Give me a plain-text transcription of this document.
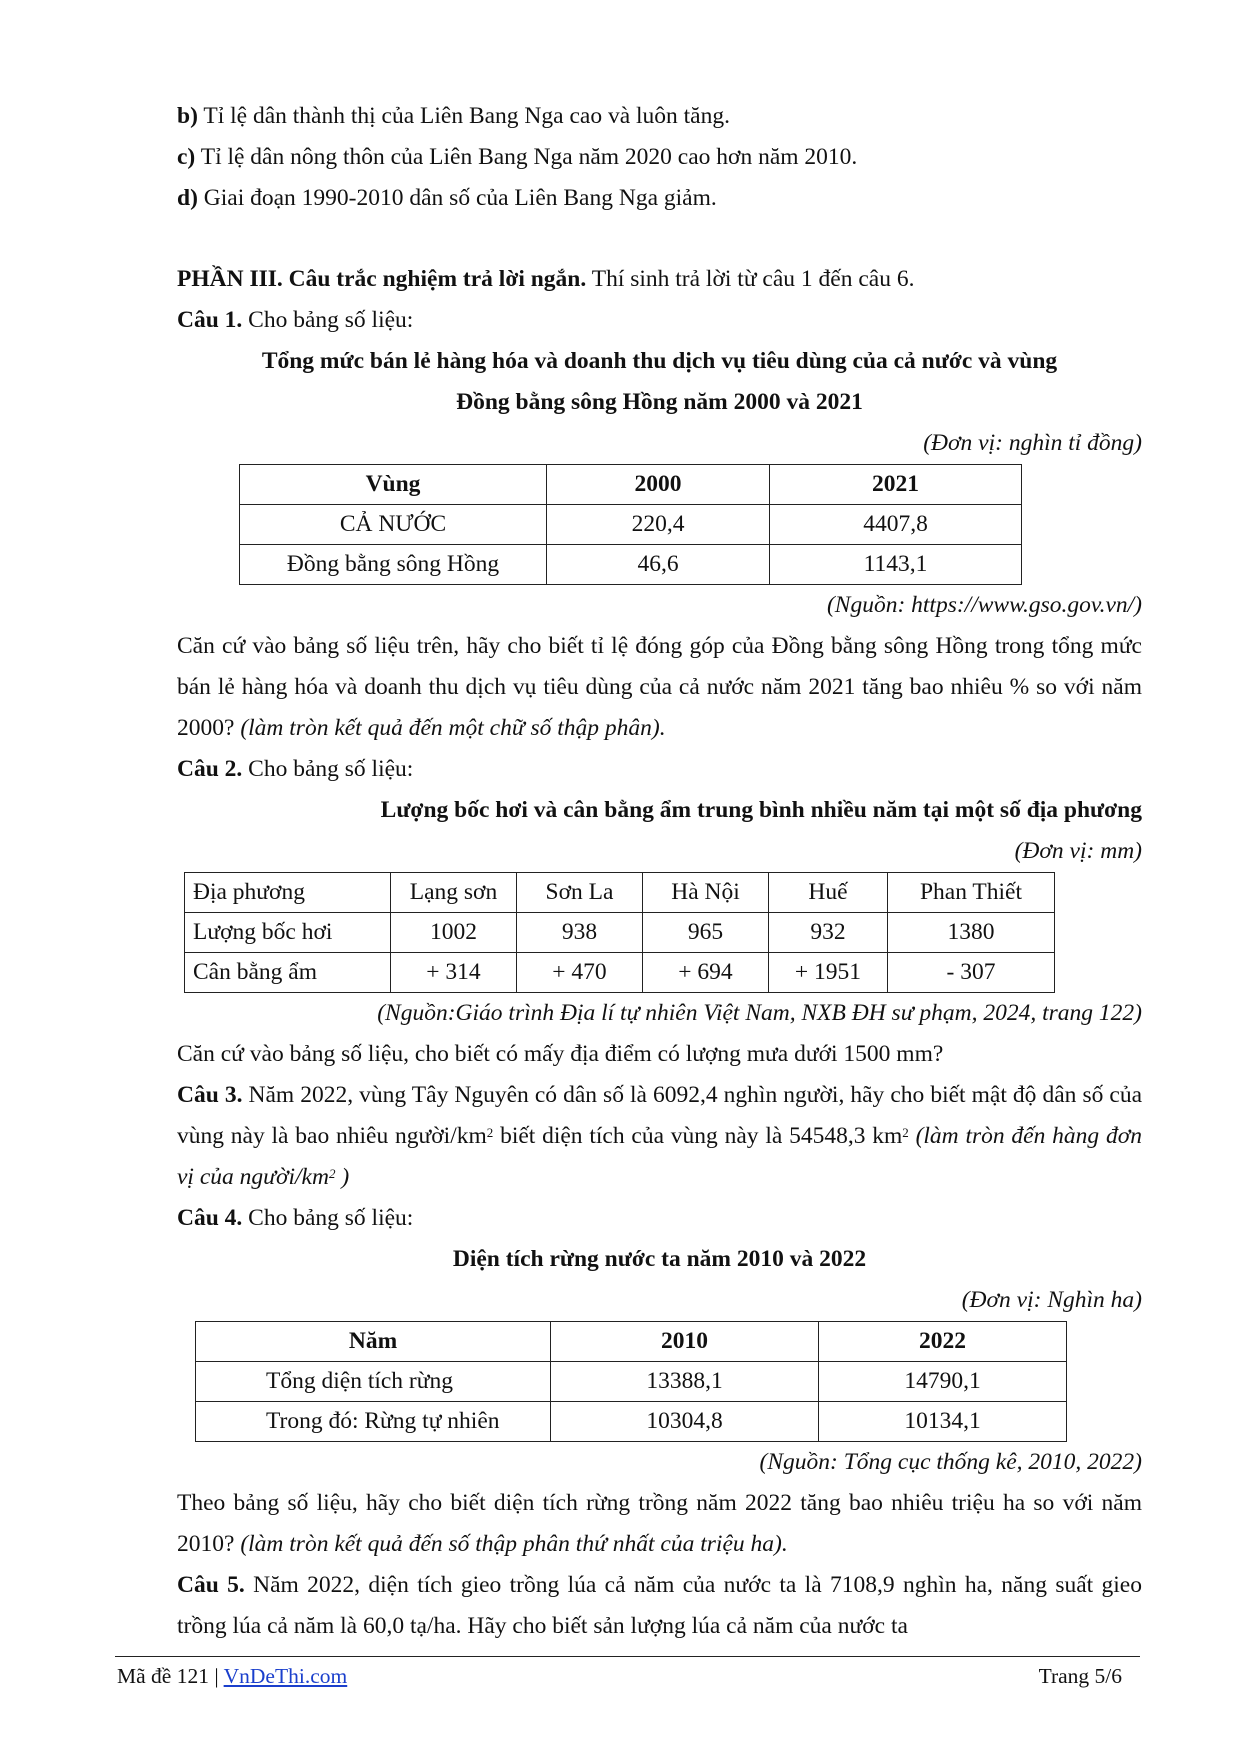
b) Tỉ lệ dân thành thị của Liên Bang Nga cao và luôn tăng.

c) Tỉ lệ dân nông thôn của Liên Bang Nga năm 2020 cao hơn năm 2010.

d) Giai đoạn 1990-2010 dân số của Liên Bang Nga giảm.

PHẦN III. Câu trắc nghiệm trả lời ngắn. Thí sinh trả lời từ câu 1 đến câu 6.

Câu 1. Cho bảng số liệu:

Tổng mức bán lẻ hàng hóa và doanh thu dịch vụ tiêu dùng của cả nước và vùng

Đồng bằng sông Hồng năm 2000 và 2021

(Đơn vị: nghìn tỉ đồng)

Vùng	2000	2021
CẢ NƯỚC	220,4	4407,8
Đồng bằng sông Hồng	46,6	1143,1

(Nguồn: https://www.gso.gov.vn/)

Căn cứ vào bảng số liệu trên, hãy cho biết tỉ lệ đóng góp của Đồng bằng sông Hồng trong tổng mức bán lẻ hàng hóa và doanh thu dịch vụ tiêu dùng của cả nước năm 2021 tăng bao nhiêu % so với năm 2000? (làm tròn kết quả đến một chữ số thập phân).

Câu 2. Cho bảng số liệu:

Lượng bốc hơi và cân bằng ẩm trung bình nhiều năm tại một số địa phương

(Đơn vị: mm)

Địa phương	Lạng sơn	Sơn La	Hà Nội	Huế	Phan Thiết
Lượng bốc hơi	1002	938	965	932	1380
Cân bằng ẩm	+ 314	+ 470	+ 694	+ 1951	- 307

(Nguồn:Giáo trình Địa lí tự nhiên Việt Nam, NXB ĐH sư phạm, 2024, trang 122)

Căn cứ vào bảng số liệu, cho biết có mấy địa điểm có lượng mưa dưới 1500 mm?

Câu 3. Năm 2022, vùng Tây Nguyên có dân số là 6092,4 nghìn người, hãy cho biết mật độ dân số của vùng này là bao nhiêu người/$km^2$ biết diện tích của vùng này là 54548,3 $km^2$ (làm tròn đến hàng đơn vị của người/$km^2$ )

Câu 4. Cho bảng số liệu:

Diện tích rừng nước ta năm 2010 và 2022

(Đơn vị: Nghìn ha)

Năm	2010	2022
Tổng diện tích rừng	13388,1	14790,1
Trong đó: Rừng tự nhiên	10304,8	10134,1

(Nguồn: Tổng cục thống kê, 2010, 2022)

Theo bảng số liệu, hãy cho biết diện tích rừng trồng năm 2022 tăng bao nhiêu triệu ha so với năm 2010? (làm tròn kết quả đến số thập phân thứ nhất của triệu ha).

Câu 5. Năm 2022, diện tích gieo trồng lúa cả năm của nước ta là 7108,9 nghìn ha, năng suất gieo trồng lúa cả năm là 60,0 tạ/ha. Hãy cho biết sản lượng lúa cả năm của nước ta

Mã đề 121 | VnDeThi.com	Trang 5/6
